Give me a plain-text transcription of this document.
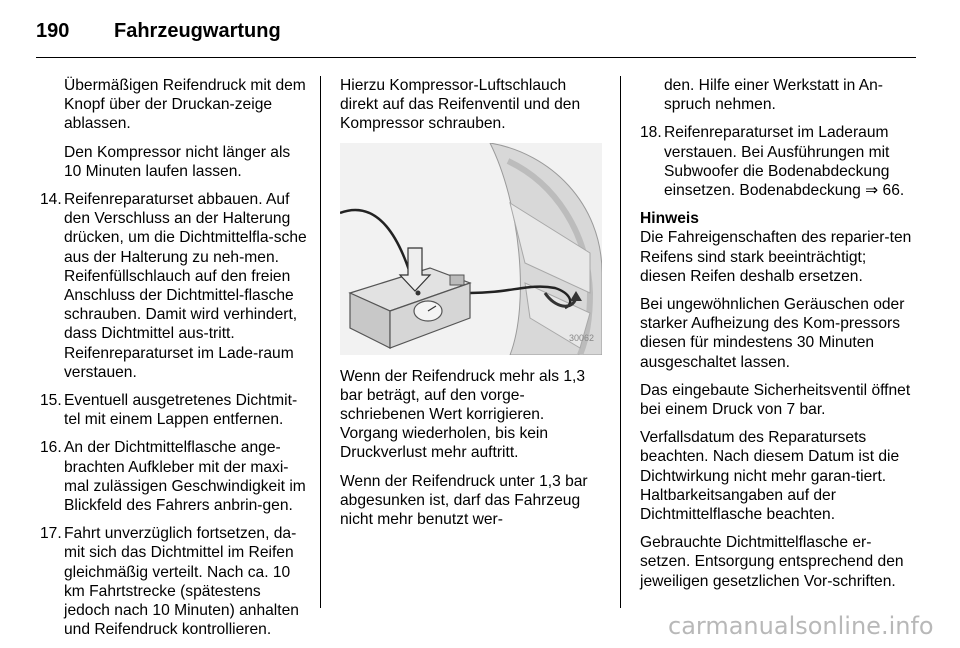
190 Fahrzeugwartung

Übermäßigen Reifendruck mit dem Knopf über der Druckan-zeige ablassen.

Den Kompressor nicht länger als 10 Minuten laufen lassen.

14. Reifenreparaturset abbauen. Auf den Verschluss an der Halterung drücken, um die Dichtmittelfla-sche aus der Halterung zu neh-men. Reifenfüllschlauch auf den freien Anschluss der Dichtmittel-flasche schrauben. Damit wird verhindert, dass Dichtmittel aus-tritt. Reifenreparaturset im Lade-raum verstauen.
15. Eventuell ausgetretenes Dichtmit-tel mit einem Lappen entfernen.
16. An der Dichtmittelflasche ange-brachten Aufkleber mit der maxi-mal zulässigen Geschwindigkeit im Blickfeld des Fahrers anbrin-gen.
17. Fahrt unverzüglich fortsetzen, da-mit sich das Dichtmittel im Reifen gleichmäßig verteilt. Nach ca. 10 km Fahrtstrecke (spätestens jedoch nach 10 Minuten) anhalten und Reifendruck kontrollieren.

Hierzu Kompressor-Luftschlauch direkt auf das Reifenventil und den Kompressor schrauben.

30062

Wenn der Reifendruck mehr als 1,3 bar beträgt, auf den vorge-schriebenen Wert korrigieren. Vorgang wiederholen, bis kein Druckverlust mehr auftritt.

Wenn der Reifendruck unter 1,3 bar abgesunken ist, darf das Fahrzeug nicht mehr benutzt wer-

den. Hilfe einer Werkstatt in An-spruch nehmen.

18. Reifenreparaturset im Laderaum verstauen. Bei Ausführungen mit Subwoofer die Bodenabdeckung einsetzen. Bodenabdeckung ⇒ 66.

Hinweis

Die Fahreigenschaften des reparier-ten Reifens sind stark beeinträchtigt; diesen Reifen deshalb ersetzen.

Bei ungewöhnlichen Geräuschen oder starker Aufheizung des Kom-pressors diesen für mindestens 30 Minuten ausgeschaltet lassen.

Das eingebaute Sicherheitsventil öffnet bei einem Druck von 7 bar.

Verfallsdatum des Reparatursets beachten. Nach diesem Datum ist die Dichtwirkung nicht mehr garan-tiert. Haltbarkeitsangaben auf der Dichtmittelflasche beachten.

Gebrauchte Dichtmittelflasche er-setzen. Entsorgung entsprechend den jeweiligen gesetzlichen Vor-schriften.

carmanualsonline.info
